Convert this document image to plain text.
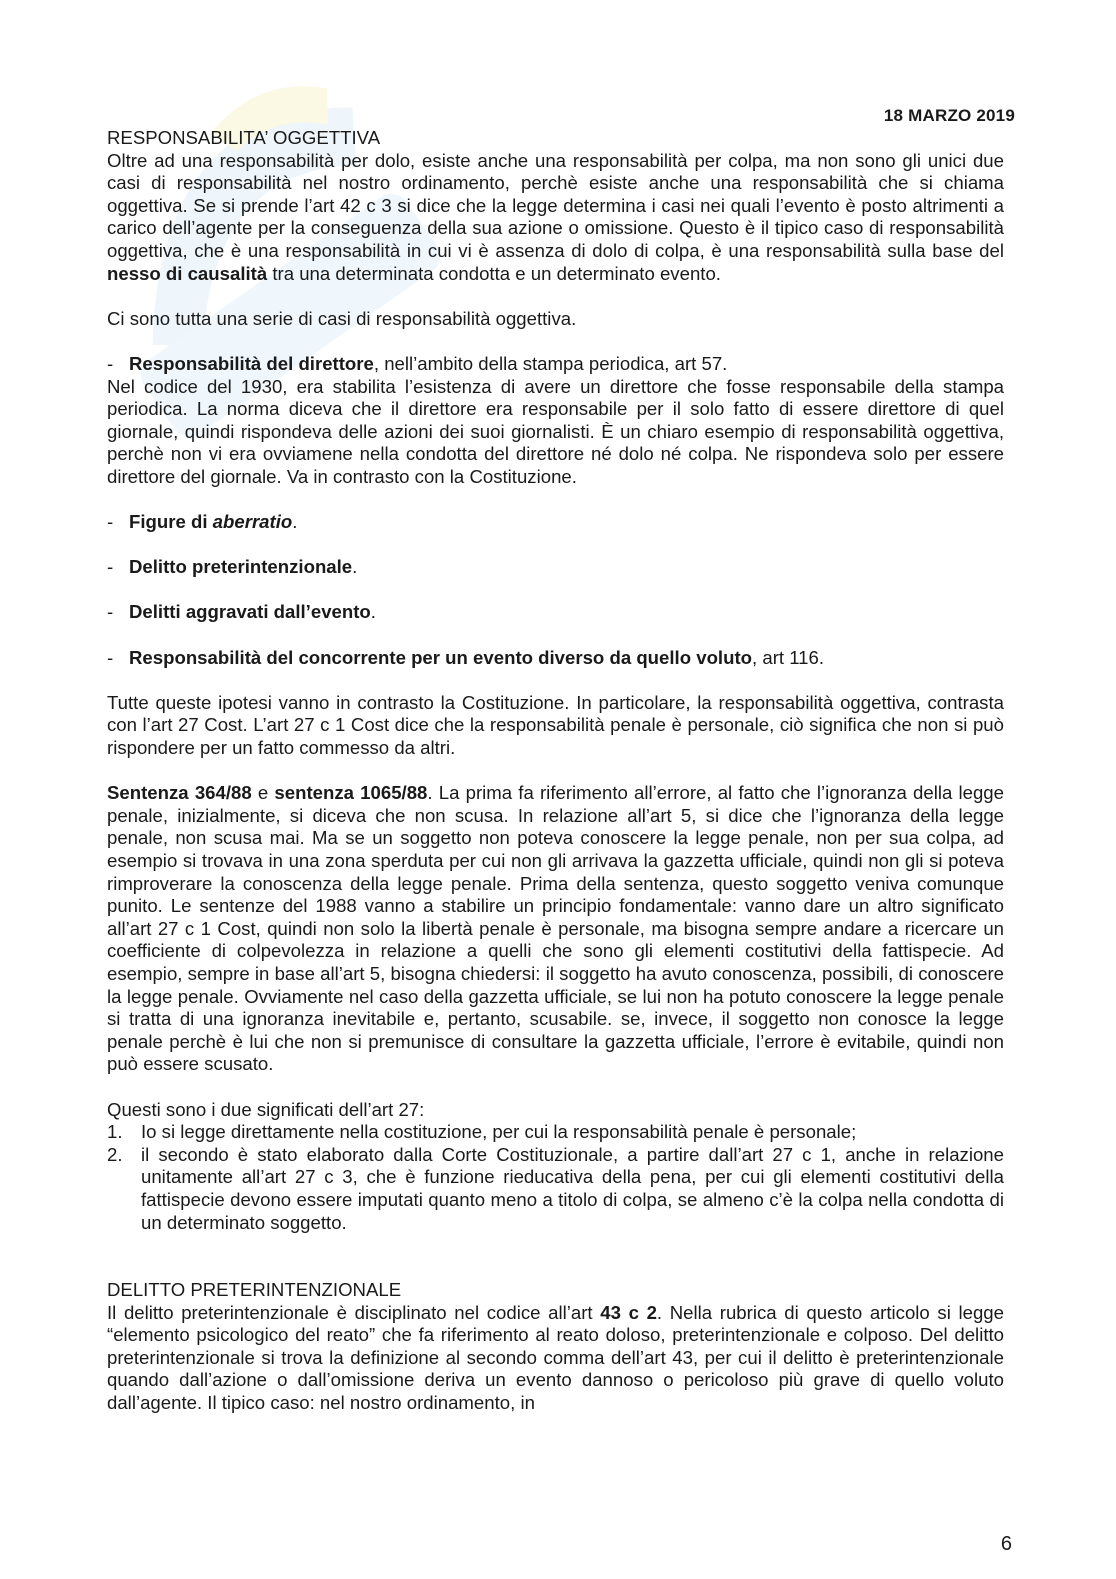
18 MARZO 2019

RESPONSABILITA’ OGGETTIVA

Oltre ad una responsabilità per dolo, esiste anche una responsabilità per colpa, ma non sono gli unici due casi di responsabilità nel nostro ordinamento, perchè esiste anche una responsabilità che si chiama oggettiva. Se si prende l’art 42 c 3 si dice che la legge determina i casi nei quali l’evento è posto altrimenti a carico dell’agente per la conseguenza della sua azione o omissione. Questo è il tipico caso di responsabilità oggettiva, che è una responsabilità in cui vi è assenza di dolo di colpa, è una responsabilità sulla base del nesso di causalità tra una determinata condotta e un determinato evento.

Ci sono tutta una serie di casi di responsabilità oggettiva.

- Responsabilità del direttore, nell’ambito della stampa periodica, art 57.

Nel codice del 1930, era stabilita l’esistenza di avere un direttore che fosse responsabile della stampa periodica. La norma diceva che il direttore era responsabile per il solo fatto di essere direttore di quel giornale, quindi rispondeva delle azioni dei suoi giornalisti. È un chiaro esempio di responsabilità oggettiva, perchè non vi era ovviamene nella condotta del direttore né dolo né colpa. Ne rispondeva solo per essere direttore del giornale. Va in contrasto con la Costituzione.

- Figure di aberratio.

- Delitto preterintenzionale.

- Delitti aggravati dall’evento.

- Responsabilità del concorrente per un evento diverso da quello voluto, art 116.

Tutte queste ipotesi vanno in contrasto la Costituzione. In particolare, la responsabilità oggettiva, contrasta con l’art 27 Cost. L’art 27 c 1 Cost dice che la responsabilità penale è personale, ciò significa che non si può rispondere per un fatto commesso da altri.

Sentenza 364/88 e sentenza 1065/88. La prima fa riferimento all’errore, al fatto che l’ignoranza della legge penale, inizialmente, si diceva che non scusa. In relazione all’art 5, si dice che l’ignoranza della legge penale, non scusa mai. Ma se un soggetto non poteva conoscere la legge penale, non per sua colpa, ad esempio si trovava in una zona sperduta per cui non gli arrivava la gazzetta ufficiale, quindi non gli si poteva rimproverare la conoscenza della legge penale. Prima della sentenza, questo soggetto veniva comunque punito. Le sentenze del 1988 vanno a stabilire un principio fondamentale: vanno dare un altro significato all’art 27 c 1 Cost, quindi non solo la libertà penale è personale, ma bisogna sempre andare a ricercare un coefficiente di colpevolezza in relazione a quelli che sono gli elementi costitutivi della fattispecie. Ad esempio, sempre in base all’art 5, bisogna chiedersi: il soggetto ha avuto conoscenza, possibili, di conoscere la legge penale. Ovviamente nel caso della gazzetta ufficiale, se lui non ha potuto conoscere la legge penale si tratta di una ignoranza inevitabile e, pertanto, scusabile. se, invece, il soggetto non conosce la legge penale perchè è lui che non si premunisce di consultare la gazzetta ufficiale, l’errore è evitabile, quindi non può essere scusato.

Questi sono i due significati dell’art 27:

1. Io si legge direttamente nella costituzione, per cui la responsabilità penale è personale;
2. il secondo è stato elaborato dalla Corte Costituzionale, a partire dall’art 27 c 1, anche in relazione unitamente all’art 27 c 3, che è funzione rieducativa della pena, per cui gli elementi costitutivi della fattispecie devono essere imputati quanto meno a titolo di colpa, se almeno c’è la colpa nella condotta di un determinato soggetto.

DELITTO PRETERINTENZIONALE

Il delitto preterintenzionale è disciplinato nel codice all’art 43 c 2. Nella rubrica di questo articolo si legge “elemento psicologico del reato” che fa riferimento al reato doloso, preterintenzionale e colposo. Del delitto preterintenzionale si trova la definizione al secondo comma dell’art 43, per cui il delitto è preterintenzionale quando dall’azione o dall’omissione deriva un evento dannoso o pericoloso più grave di quello voluto dall’agente. Il tipico caso: nel nostro ordinamento, in

6
